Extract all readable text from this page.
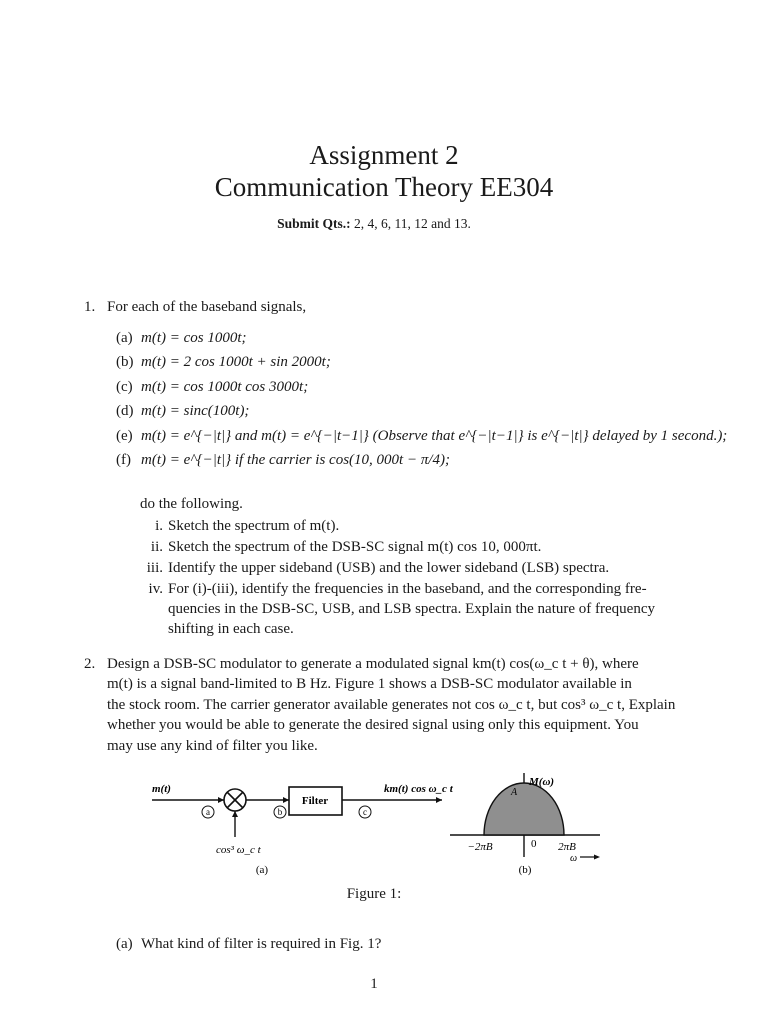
Assignment 2
Communication Theory EE304
Submit Qts.: 2, 4, 6, 11, 12 and 13.
1. For each of the baseband signals,
(a) m(t) = cos 1000t;
(b) m(t) = 2 cos 1000t + sin 2000t;
(c) m(t) = cos 1000t cos 3000t;
(d) m(t) = sinc(100t);
(e) m(t) = e^{−|t|} and m(t) = e^{−|t−1|} (Observe that e^{−|t−1|} is e^{−|t|} delayed by 1 second.);
(f) m(t) = e^{−|t|} if the carrier is cos(10, 000t − π/4);
do the following.
i. Sketch the spectrum of m(t).
ii. Sketch the spectrum of the DSB-SC signal m(t) cos 10, 000πt.
iii. Identify the upper sideband (USB) and the lower sideband (LSB) spectra.
iv. For (i)-(iii), identify the frequencies in the baseband, and the corresponding fre-
quencies in the DSB-SC, USB, and LSB spectra. Explain the nature of frequency
shifting in each case.
2. Design a DSB-SC modulator to generate a modulated signal km(t) cos(ω_c t + θ), where
m(t) is a signal band-limited to B Hz. Figure 1 shows a DSB-SC modulator available in
the stock room. The carrier generator available generates not cos ω_c t, but cos³ ω_c t, Explain
whether you would be able to generate the desired signal using only this equipment. You
may use any kind of filter you like.
m(t)
Filter
km(t) cos ω_c t
cos³ ω_c t
a	b	c
(a)
M(ω)
A
−2πB	0 2πB
ω
(b)
Figure 1:
(a) What kind of filter is required in Fig. 1?
1
